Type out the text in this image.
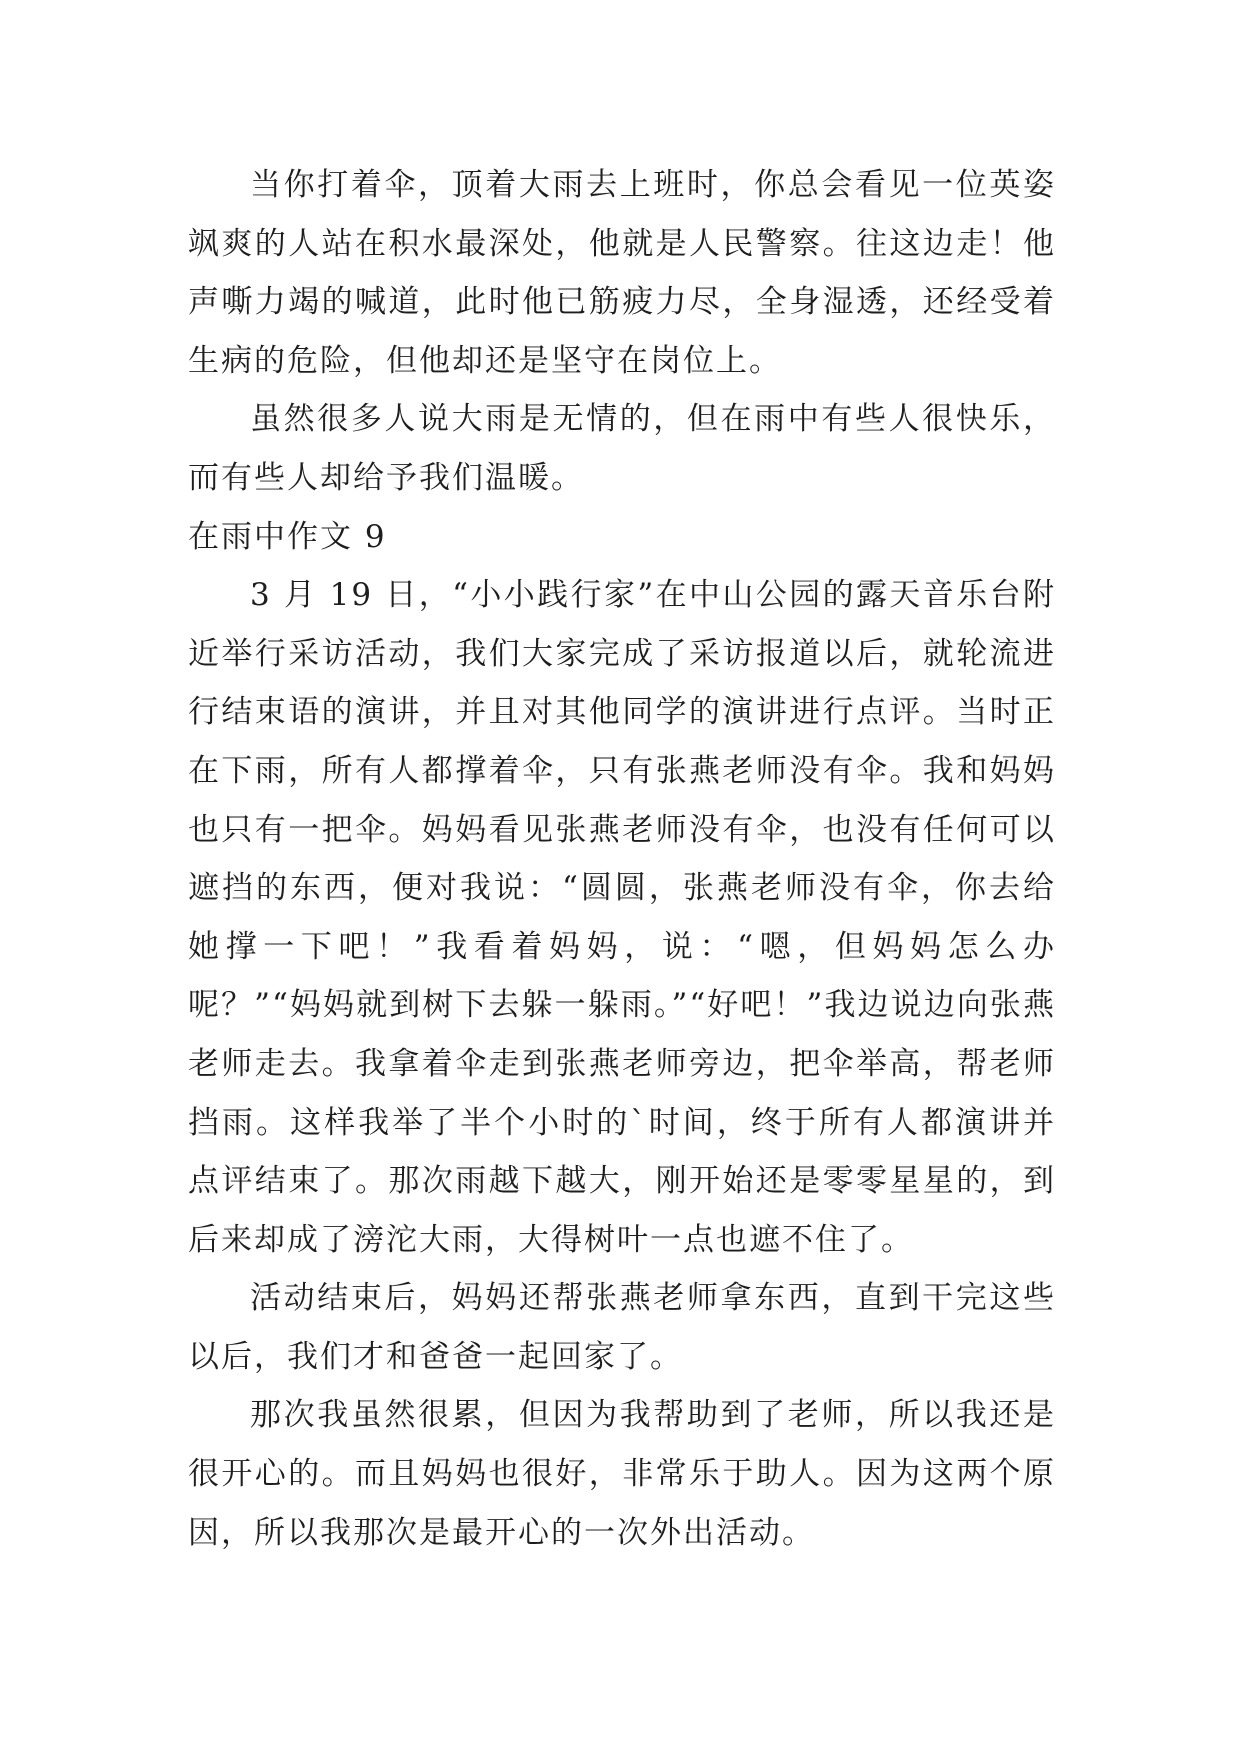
当你打着伞，顶着大雨去上班时，你总会看见一位英姿飒爽的人站在积水最深处，他就是人民警察。往这边走！他声嘶力竭的喊道，此时他已筋疲力尽，全身湿透，还经受着生病的危险，但他却还是坚守在岗位上。

虽然很多人说大雨是无情的，但在雨中有些人很快乐，而有些人却给予我们温暖。

在雨中作文 9

3 月 19 日，“小小践行家”在中山公园的露天音乐台附近举行采访活动，我们大家完成了采访报道以后，就轮流进行结束语的演讲，并且对其他同学的演讲进行点评。当时正在下雨，所有人都撑着伞，只有张燕老师没有伞。我和妈妈也只有一把伞。妈妈看见张燕老师没有伞，也没有任何可以遮挡的东西，便对我说：“圆圆，张燕老师没有伞，你去给她撑一下吧！”我看着妈妈，说：“嗯，但妈妈怎么办呢？”“妈妈就到树下去躲一躲雨。”“好吧！”我边说边向张燕老师走去。我拿着伞走到张燕老师旁边，把伞举高，帮老师挡雨。这样我举了半个小时的`时间，终于所有人都演讲并点评结束了。那次雨越下越大，刚开始还是零零星星的，到后来却成了滂沱大雨，大得树叶一点也遮不住了。

活动结束后，妈妈还帮张燕老师拿东西，直到干完这些以后，我们才和爸爸一起回家了。

那次我虽然很累，但因为我帮助到了老师，所以我还是很开心的。而且妈妈也很好，非常乐于助人。因为这两个原因，所以我那次是最开心的一次外出活动。
